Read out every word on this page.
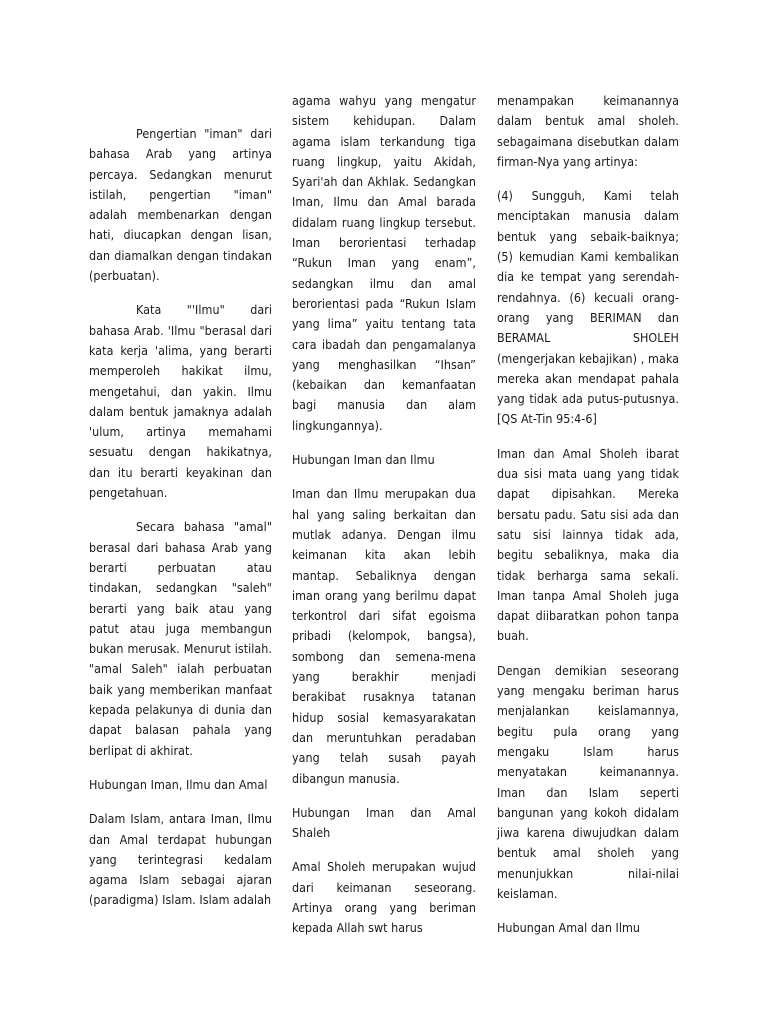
Pengertian "iman" dari bahasa Arab yang artinya percaya. Sedangkan menurut istilah, pengertian "iman" adalah membenarkan dengan hati, diucapkan dengan lisan, dan diamalkan dengan tindakan (perbuatan).

Kata "'Ilmu" dari bahasa Arab. 'Ilmu "berasal dari kata kerja 'alima, yang berarti memperoleh hakikat ilmu, mengetahui, dan yakin. Ilmu dalam bentuk jamaknya adalah 'ulum, artinya memahami sesuatu dengan hakikatnya, dan itu berarti keyakinan dan pengetahuan.

Secara bahasa "amal" berasal dari bahasa Arab yang berarti perbuatan atau tindakan, sedangkan "saleh" berarti yang baik atau yang patut atau juga membangun bukan merusak. Menurut istilah. "amal Saleh" ialah perbuatan baik yang memberikan manfaat kepada pelakunya di dunia dan dapat balasan pahala yang berlipat di akhirat.

Hubungan Iman, Ilmu dan Amal

Dalam Islam, antara Iman, Ilmu dan Amal terdapat hubungan yang terintegrasi kedalam agama Islam sebagai ajaran (paradigma) Islam. Islam adalah

agama wahyu yang mengatur sistem kehidupan. Dalam agama islam terkandung tiga ruang lingkup, yaitu Akidah, Syari'ah dan Akhlak. Sedangkan Iman, Ilmu dan Amal barada didalam ruang lingkup tersebut. Iman berorientasi terhadap “Rukun Iman yang enam”, sedangkan ilmu dan amal berorientasi pada “Rukun Islam yang lima” yaitu tentang tata cara ibadah dan pengamalanya yang menghasilkan “Ihsan” (kebaikan dan kemanfaatan bagi manusia dan alam lingkungannya).

Hubungan Iman dan Ilmu

Iman dan Ilmu merupakan dua hal yang saling berkaitan dan mutlak adanya. Dengan ilmu keimanan kita akan lebih mantap. Sebaliknya dengan iman orang yang berilmu dapat terkontrol dari sifat egoisma pribadi (kelompok, bangsa), sombong dan semena-mena yang berakhir menjadi berakibat rusaknya tatanan hidup sosial kemasyarakatan dan meruntuhkan peradaban yang telah susah payah dibangun manusia.

Hubungan Iman dan Amal Shaleh

Amal Sholeh merupakan wujud dari keimanan seseorang. Artinya orang yang beriman kepada Allah swt harus

menampakan keimanannya dalam bentuk amal sholeh. sebagaimana disebutkan dalam firman-Nya yang artinya:

(4) Sungguh, Kami telah menciptakan manusia dalam bentuk yang sebaik-baiknya; (5) kemudian Kami kembalikan dia ke tempat yang serendah-rendahnya. (6) kecuali orang-orang yang BERIMAN dan BERAMAL SHOLEH (mengerjakan kebajikan) , maka mereka akan mendapat pahala yang tidak ada putus-putusnya. [QS At-Tin 95:4-6]

Iman dan Amal Sholeh ibarat dua sisi mata uang yang tidak dapat dipisahkan. Mereka bersatu padu. Satu sisi ada dan satu sisi lainnya tidak ada, begitu sebaliknya, maka dia tidak berharga sama sekali. Iman tanpa Amal Sholeh juga dapat diibaratkan pohon tanpa buah.

Dengan demikian seseorang yang mengaku beriman harus menjalankan keislamannya, begitu pula orang yang mengaku Islam harus menyatakan keimanannya. Iman dan Islam seperti bangunan yang kokoh didalam jiwa karena diwujudkan dalam bentuk amal sholeh yang menunjukkan nilai-nilai keislaman.

Hubungan Amal dan Ilmu
